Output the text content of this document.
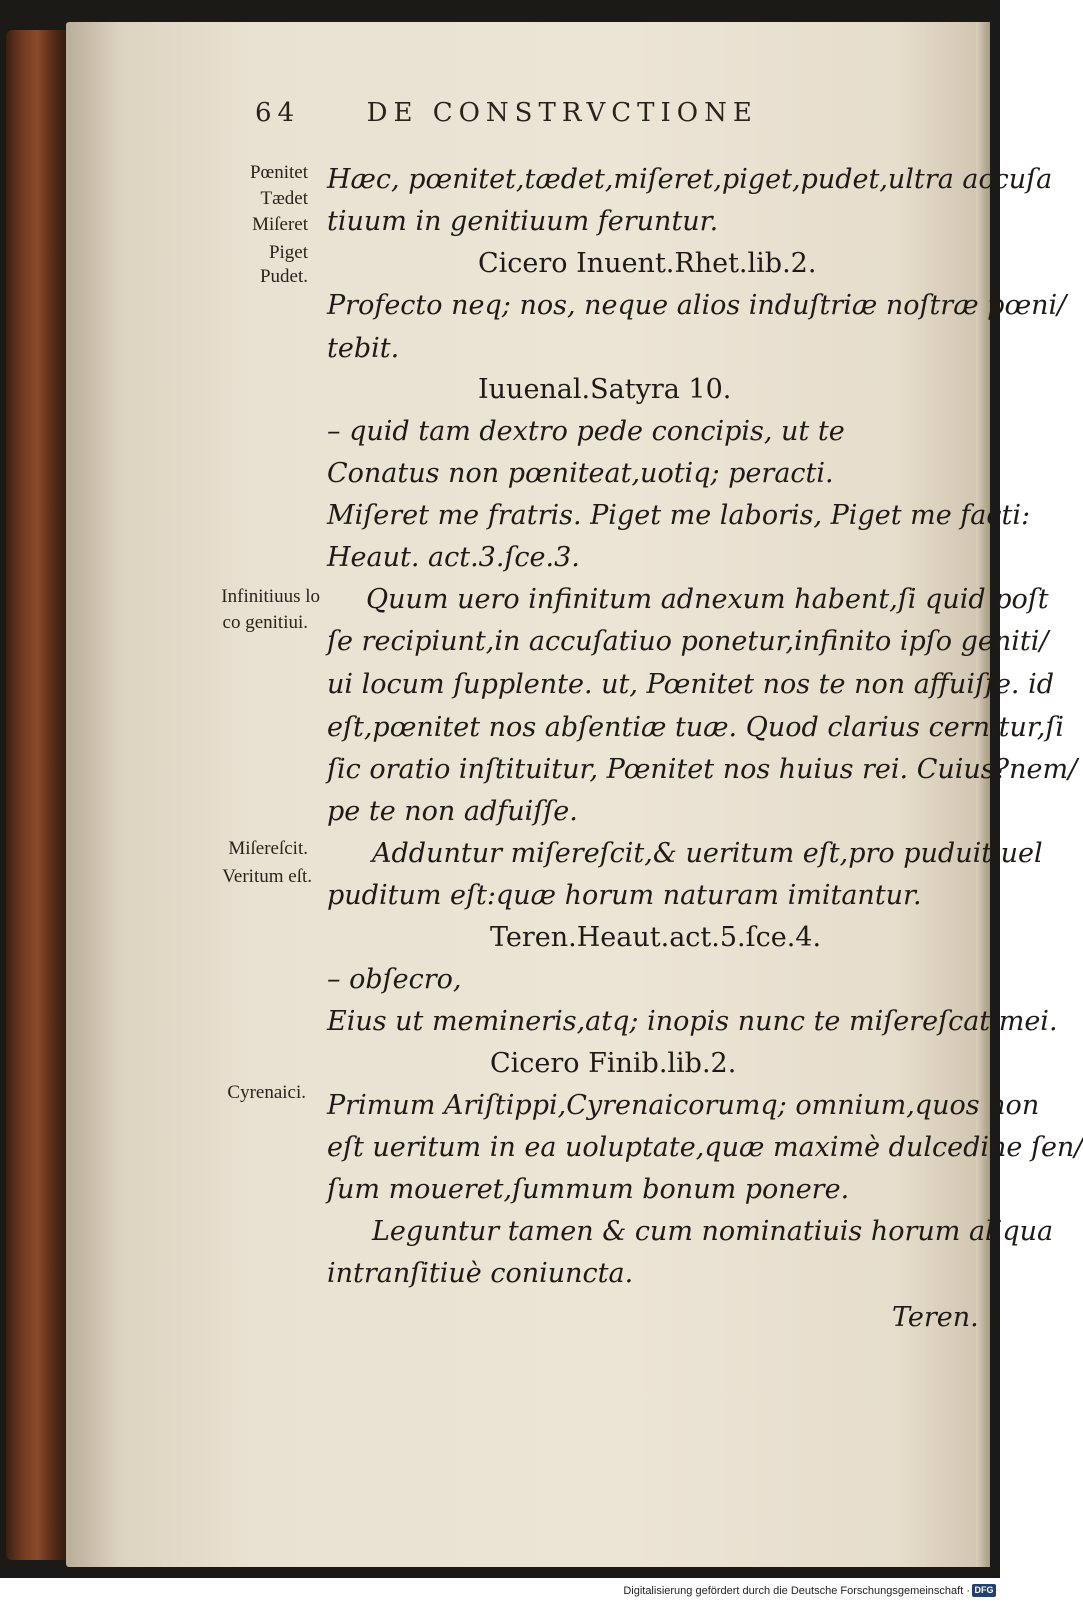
64	DE CONSTRVCTIONE
Pœnitet
Tædet
Miſeret
Piget
Pudet.
Infinitiuus lo
co genitiui.
Miſereſcit.
Veritum eſt.
Cyrenaici.
Hæc, pœnitet,tædet,miſeret,piget,pudet,ultra accuſa
tiuum in genitiuum feruntur.
Cicero Inuent.Rhet.lib.2.
Profecto neq; nos, neque alios induſtriæ noſtræ pœni/
tebit.
Iuuenal.Satyra 10.
– quid tam dextro pede concipis, ut te
Conatus non pœniteat,uotiq; peracti.
Miſeret me fratris. Piget me laboris, Piget me facti:
Heaut. act.3.ſce.3.
Quum uero infinitum adnexum habent,ſi quid poſt
ſe recipiunt,in accuſatiuo ponetur,infinito ipſo geniti/
ui locum ſupplente. ut, Pœnitet nos te non affuiſſe. id
eſt,pœnitet nos abſentiæ tuæ. Quod clarius cernitur,ſi
ſic oratio inſtituitur, Pœnitet nos huius rei. Cuius?nem/
pe te non adfuiſſe.
Adduntur miſereſcit,& ueritum eſt,pro puduit,uel
puditum eſt:quæ horum naturam imitantur.
Teren.Heaut.act.5.ſce.4.
– obſecro,
Eius ut memineris,atq; inopis nunc te miſereſcat mei.
Cicero Finib.lib.2.
Primum Ariſtippi,Cyrenaicorumq; omnium,quos non
eſt ueritum in ea uoluptate,quæ maximè dulcedine ſen/
ſum moueret,ſummum bonum ponere.
Leguntur tamen & cum nominatiuis horum aliqua
intranſitiuè coniuncta.
Teren.
Digitalisierung gefördert durch die Deutsche Forschungsgemeinschaft · DFG
